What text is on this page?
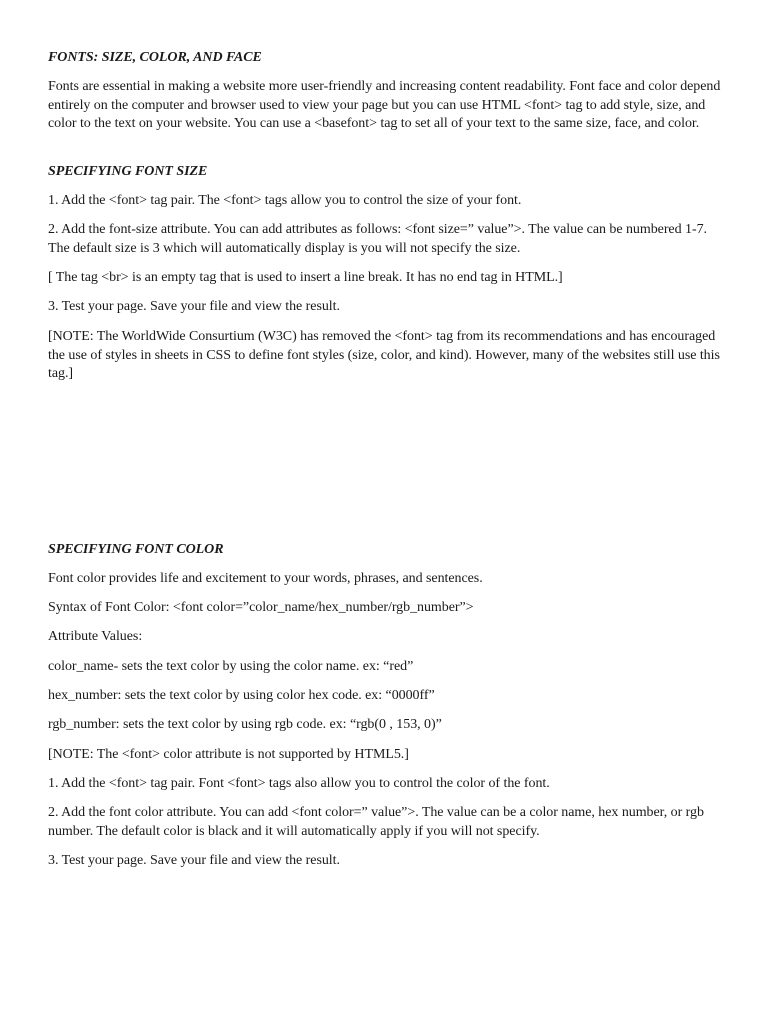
FONTS: SIZE, COLOR, AND FACE

Fonts are essential in making a website more user-friendly and increasing content readability. Font face and color depend entirely on the computer and browser used to view your page but you can use HTML <font> tag to add style, size, and color to the text on your website. You can use a <basefont> tag to set all of your text to the same size, face, and color.

SPECIFYING FONT SIZE

1. Add the <font> tag pair. The <font> tags allow you to control the size of your font.

2. Add the font-size attribute. You can add attributes as follows: <font size=” value”>. The value can be numbered 1-7. The default size is 3 which will automatically display is you will not specify the size.

[ The tag <br> is an empty tag that is used to insert a line break. It has no end tag in HTML.]

3. Test your page. Save your file and view the result.

[NOTE: The WorldWide Consurtium (W3C) has removed the <font> tag from its recommendations and has encouraged the use of styles in sheets in CSS to define font styles (size, color, and kind). However, many of the websites still use this tag.]

SPECIFYING FONT COLOR

Font color provides life and excitement to your words, phrases, and sentences.

Syntax of Font Color: <font color=”color_name/hex_number/rgb_number”>

Attribute Values:

color_name- sets the text color by using the color name. ex: “red”

hex_number: sets the text color by using color hex code. ex: “0000ff”

rgb_number: sets the text color by using rgb code. ex: “rgb(0 , 153, 0)”

[NOTE: The <font> color attribute is not supported by HTML5.]

1. Add the <font> tag pair. Font <font> tags also allow you to control the color of the font.

2. Add the font color attribute. You can add <font color=” value”>. The value can be a color name, hex number, or rgb number. The default color is black and it will automatically apply if you will not specify.

3. Test your page. Save your file and view the result.
